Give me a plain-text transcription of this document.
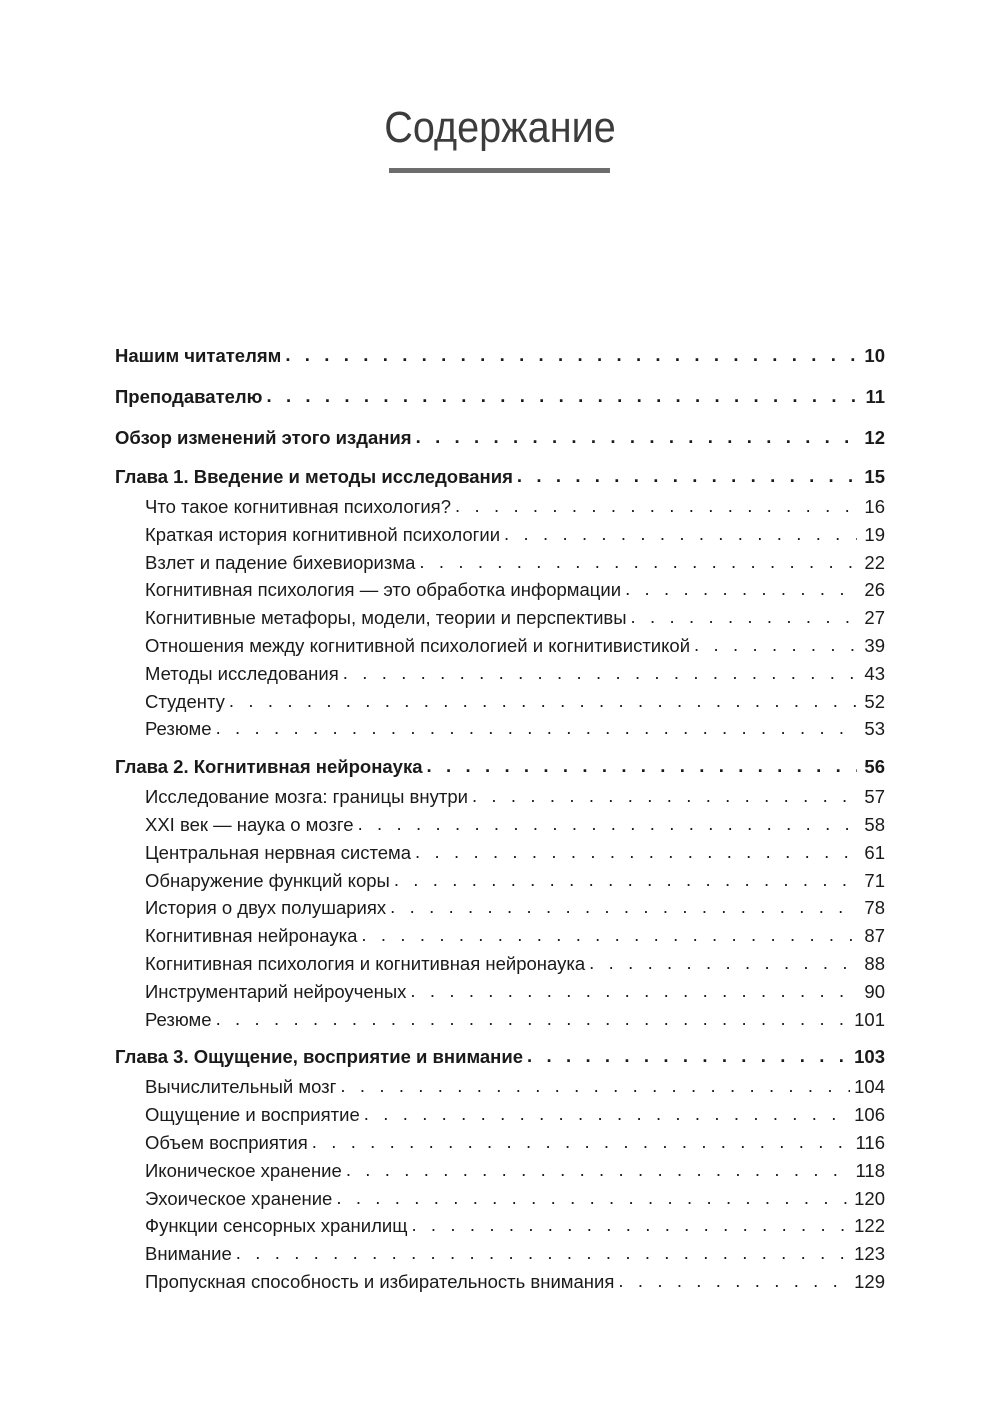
Содержание
Нашим читателям . . .	10
Преподавателю . . .	11
Обзор изменений этого издания . . .	12
Глава 1. Введение и методы исследования . . .	15
Что такое когнитивная психология? . . .	16
Краткая история когнитивной психологии . . .	19
Взлет и падение бихевиоризма . . .	22
Когнитивная психология — это обработка информации . . .	26
Когнитивные метафоры, модели, теории и перспективы . . .	27
Отношения между когнитивной психологией и когнитивистикой . . .	39
Методы исследования . . .	43
Студенту . . .	52
Резюме . . .	53
Глава 2. Когнитивная нейронаука . . .	56
Исследование мозга: границы внутри . . .	57
XXI век — наука о мозге . . .	58
Центральная нервная система . . .	61
Обнаружение функций коры . . .	71
История о двух полушариях . . .	78
Когнитивная нейронаука . . .	87
Когнитивная психология и когнитивная нейронаука . . .	88
Инструментарий нейроученых . . .	90
Резюме . . .	101
Глава 3. Ощущение, восприятие и внимание . . .	103
Вычислительный мозг . . .	104
Ощущение и восприятие . . .	106
Объем восприятия . . .	116
Иконическое хранение . . .	118
Эхоическое хранение . . .	120
Функции сенсорных хранилищ . . .	122
Внимание . . .	123
Пропускная способность и избирательность внимания . . .	129
